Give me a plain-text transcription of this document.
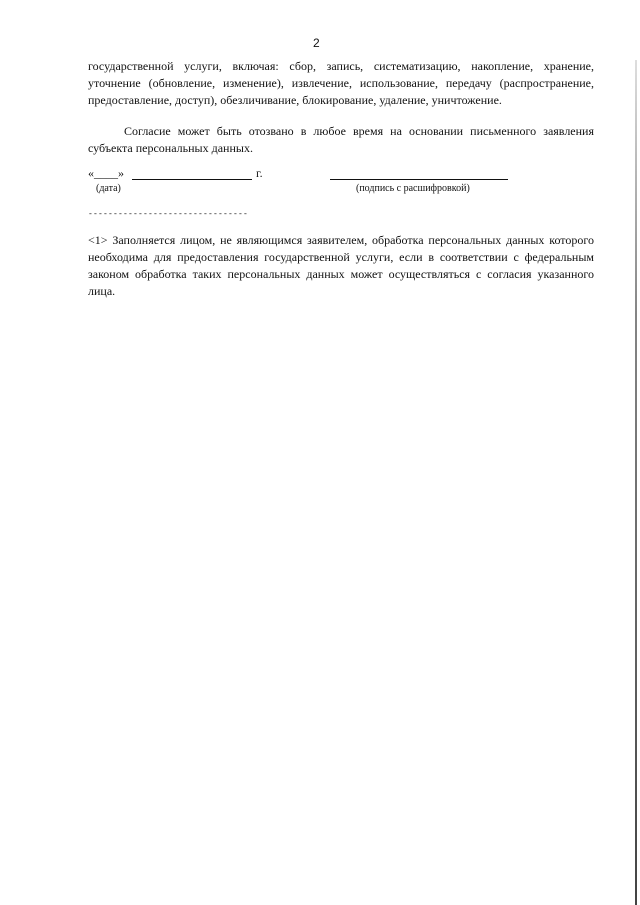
2

государственной услуги, включая: сбор, запись, систематизацию, накопление, хранение, уточнение (обновление, изменение), извлечение, использование, передачу (распространение, предоставление, доступ), обезличивание, блокирование, удаление, уничтожение.

Согласие может быть отозвано в любое время на основании письменного заявления субъекта персональных данных.

«____»	г.
(дата)	(подпись с расшифровкой)
--------------------------------

<1> Заполняется лицом, не являющимся заявителем, обработка персональных данных которого необходима для предоставления государственной услуги, если в соответствии с федеральным законом обработка таких персональных данных может осуществляться с согласия указанного лица.
